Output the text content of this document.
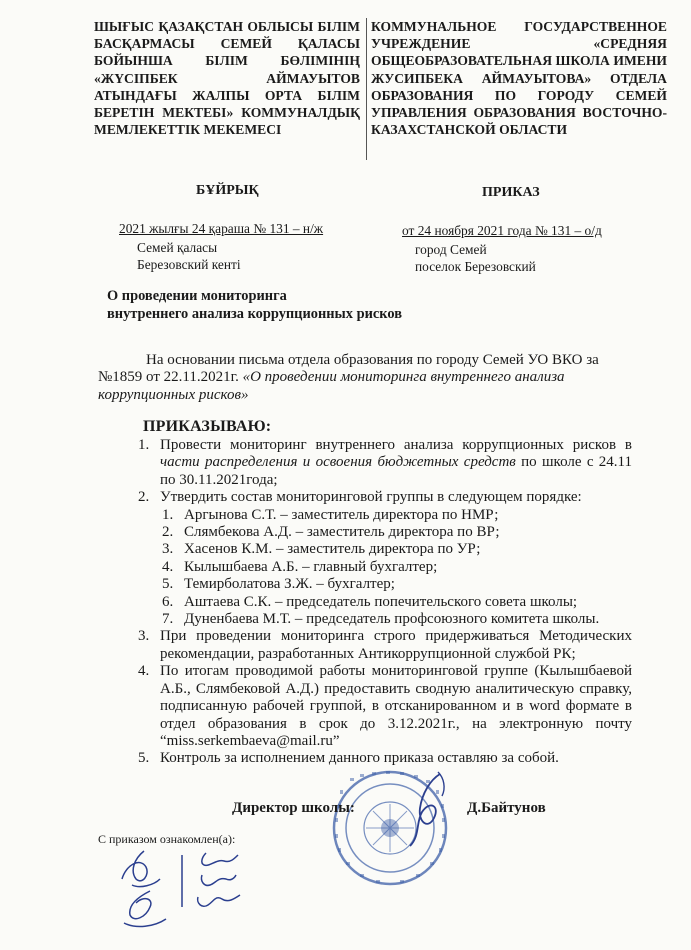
ШЫҒЫС ҚАЗАҚСТАН ОБЛЫСЫ БІЛІМ БАСҚАРМАСЫ СЕМЕЙ ҚАЛАСЫ БОЙЫНША БІЛІМ БӨЛІМІНІҢ «ЖҮСІПБЕК АЙМАУЫТОВ АТЫНДАҒЫ ЖАЛПЫ ОРТА БІЛІМ БЕРЕТІН МЕКТЕБІ» КОММУНАЛДЫҚ МЕМЛЕКЕТТІК МЕКЕМЕСІ
КОММУНАЛЬНОЕ ГОСУДАРСТВЕННОЕ УЧРЕЖДЕНИЕ «СРЕДНЯЯ ОБЩЕОБРАЗОВАТЕЛЬНАЯ ШКОЛА ИМЕНИ ЖУСИПБЕКА АЙМАУЫТОВА» ОТДЕЛА ОБРАЗОВАНИЯ ПО ГОРОДУ СЕМЕЙ УПРАВЛЕНИЯ ОБРАЗОВАНИЯ ВОСТОЧНО-КАЗАХСТАНСКОЙ ОБЛАСТИ
БҰЙРЫҚ
2021 жылғы 24 қараша № 131 – н/ж
Семей қаласы
Березовский кенті
ПРИКАЗ
от 24 ноября 2021 года № 131 – о/д
город Семей
поселок Березовский
О проведении мониторинга
внутреннего анализа коррупционных рисков
На основании письма отдела образования по городу Семей УО ВКО за №1859 от 22.11.2021г. «О проведении мониторинга внутреннего анализа коррупционных рисков»
ПРИКАЗЫВАЮ:
1. Провести мониторинг внутреннего анализа коррупционных рисков в части распределения и освоения бюджетных средств по школе с 24.11 по 30.11.2021года;
2. Утвердить состав мониторинговой группы в следующем порядке:
1. Аргынова С.Т. – заместитель директора по НМР;
2. Слямбекова А.Д. – заместитель директора по ВР;
3. Хасенов К.М. – заместитель директора по УР;
4. Кылышбаева А.Б. – главный бухгалтер;
5. Темирболатова З.Ж. – бухгалтер;
6. Аштаева С.К. – председатель попечительского совета школы;
7. Дуненбаева М.Т. – председатель профсоюзного комитета школы.
3. При проведении мониторинга строго придерживаться Методических рекомендации, разработанных Антикоррупционной службой РК;
4. По итогам проводимой работы мониторинговой группе (Кылышбаевой А.Б., Слямбековой А.Д.) предоставить сводную аналитическую справку, подписанную рабочей группой, в отсканированном и в word формате в отдел образования в срок до 3.12.2021г., на электронную почту “miss.serkembaeva@mail.ru”
5. Контроль за исполнением данного приказа оставляю за собой.
Директор школы:	Д.Байтунов
С приказом ознакомлен(а):
